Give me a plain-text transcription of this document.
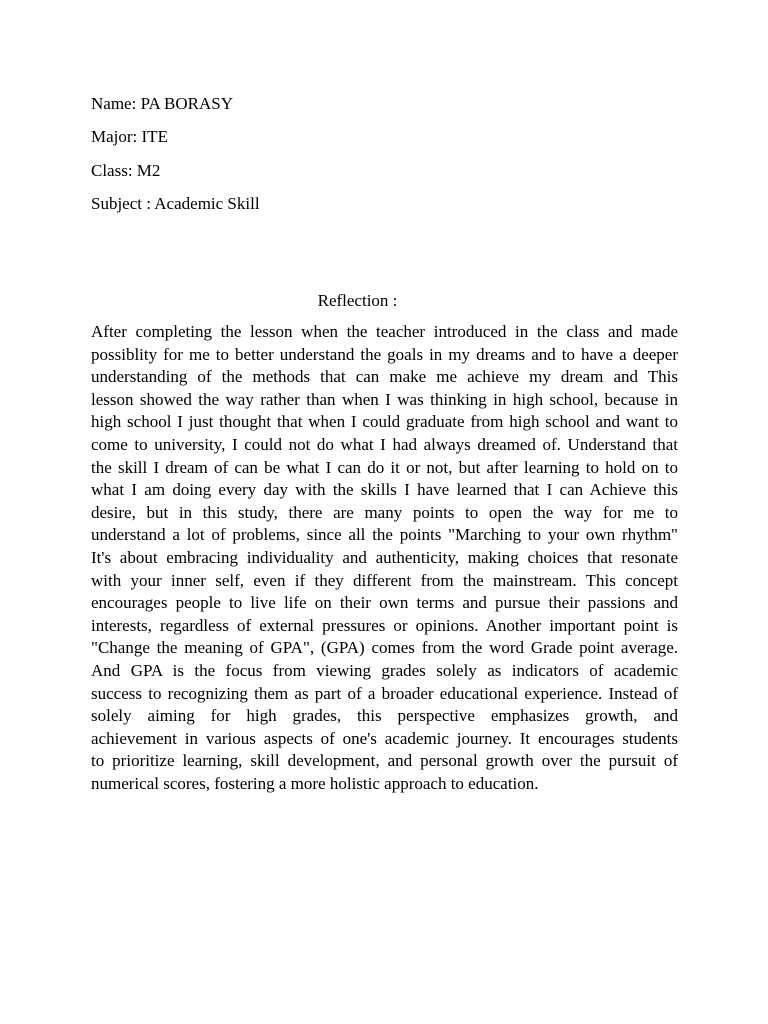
Name: PA BORASY
Major: ITE
Class: M2
Subject : Academic Skill
Reflection :
After completing the lesson when the teacher introduced in the class and made
possiblity for me to better understand the goals in my dreams and to have a deeper
understanding of the methods that can make me achieve my dream and This
lesson showed the way rather than when I was thinking in high school, because in
high school I just thought that when I could graduate from high school and want to
come to university, I could not do what I had always dreamed of. Understand that
the skill I dream of can be what I can do it or not, but after learning to hold on to
what I am doing every day with the skills I have learned that I can Achieve this
desire, but in this study, there are many points to open the way for me to
understand a lot of problems, since all the points "Marching to your own rhythm"
It's about embracing individuality and authenticity, making choices that resonate
with your inner self, even if they different from the mainstream. This concept
encourages people to live life on their own terms and pursue their passions and
interests, regardless of external pressures or opinions. Another important point is
"Change the meaning of GPA", (GPA) comes from the word Grade point average.
And GPA is the focus from viewing grades solely as indicators of academic
success to recognizing them as part of a broader educational experience. Instead of
solely aiming for high grades, this perspective emphasizes growth, and
achievement in various aspects of one's academic journey. It encourages students
to prioritize learning, skill development, and personal growth over the pursuit of
numerical scores, fostering a more holistic approach to education.
